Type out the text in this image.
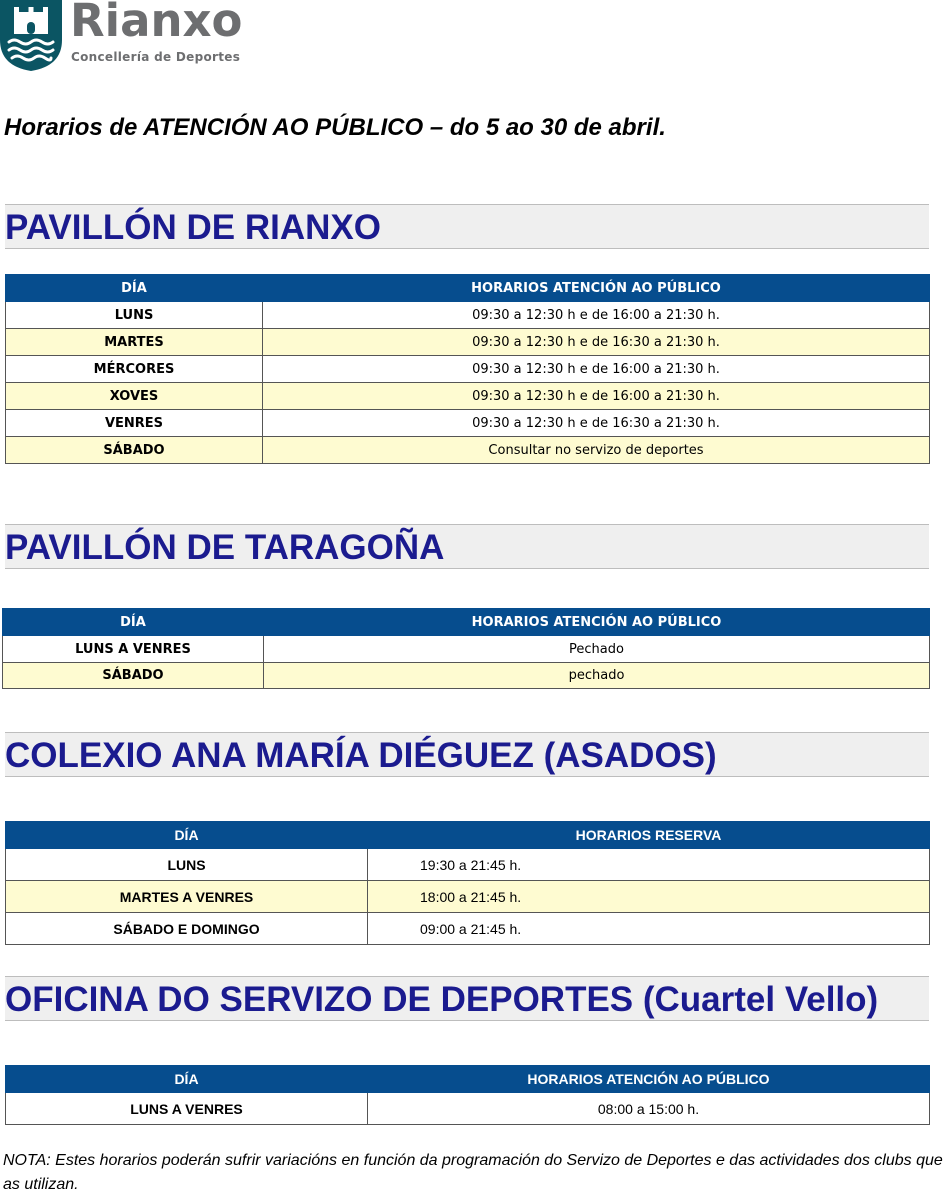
Rianxo
Concellería de Deportes
Horarios de ATENCIÓN AO PÚBLICO – do 5 ao 30 de abril.
PAVILLÓN DE RIANXO
DÍA	HORARIOS ATENCIÓN AO PÚBLICO
LUNS	09:30 a 12:30 h e de 16:00 a 21:30 h.
MARTES	09:30 a 12:30 h e de 16:30 a 21:30 h.
MÉRCORES	09:30 a 12:30 h e de 16:00 a 21:30 h.
XOVES	09:30 a 12:30 h e de 16:00 a 21:30 h.
VENRES	09:30 a 12:30 h e de 16:30 a 21:30 h.
SÁBADO	Consultar no servizo de deportes
PAVILLÓN DE TARAGOÑA
DÍA	HORARIOS ATENCIÓN AO PÚBLICO
LUNS A VENRES	Pechado
SÁBADO	pechado
COLEXIO ANA MARÍA DIÉGUEZ (ASADOS)
DÍA	HORARIOS RESERVA
LUNS	19:30 a 21:45 h.
MARTES A VENRES	18:00 a 21:45 h.
SÁBADO E DOMINGO	09:00 a 21:45 h.
OFICINA DO SERVIZO DE DEPORTES (Cuartel Vello)
DÍA	HORARIOS ATENCIÓN AO PÚBLICO
LUNS A VENRES	08:00 a 15:00 h.
NOTA: Estes horarios poderán sufrir variacións en función da programación do Servizo de Deportes e das actividades dos clubs que as utilizan.
